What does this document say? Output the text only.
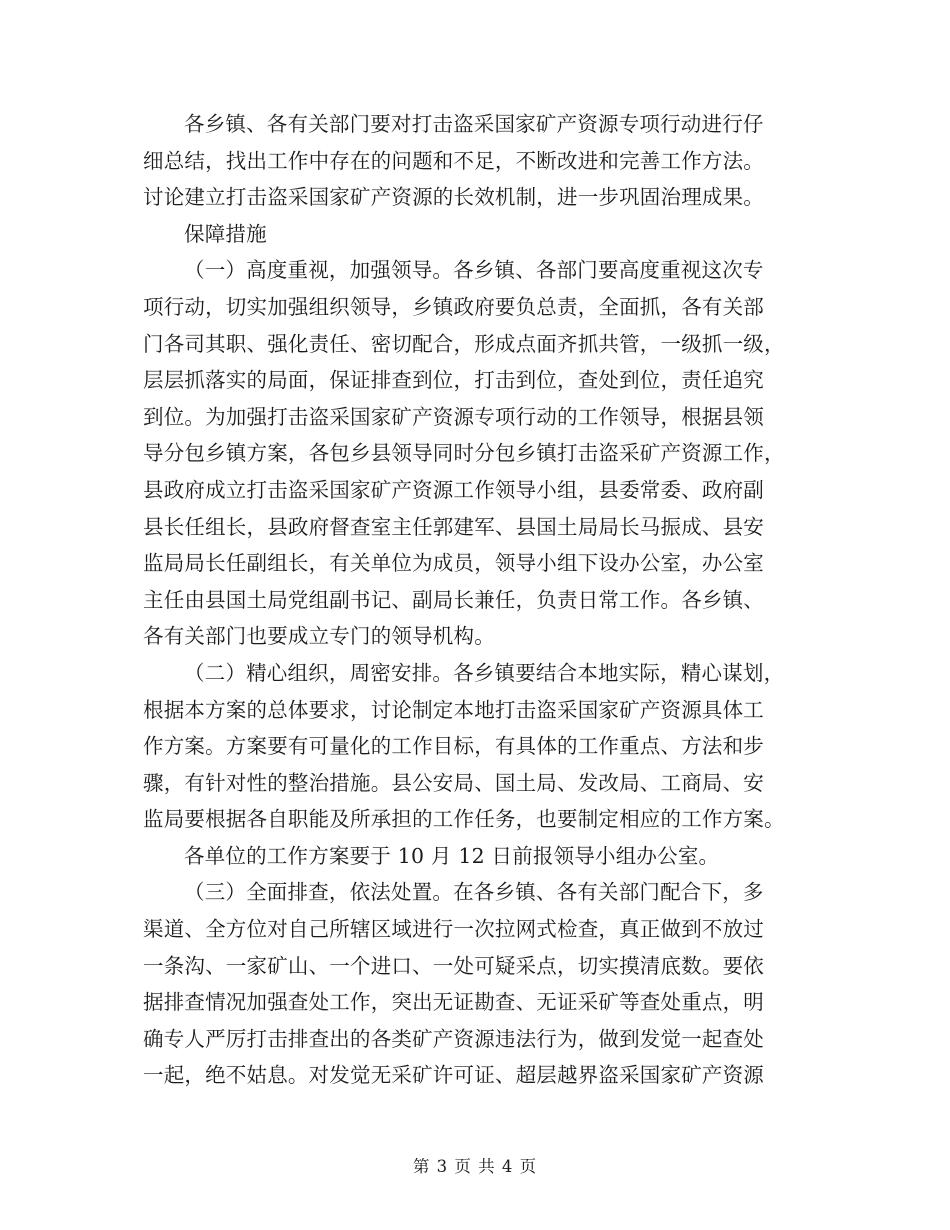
各乡镇、各有关部门要对打击盗采国家矿产资源专项行动进行仔
细总结，找出工作中存在的问题和不足，不断改进和完善工作方法。
讨论建立打击盗采国家矿产资源的长效机制，进一步巩固治理成果。
保障措施
（一）高度重视，加强领导。各乡镇、各部门要高度重视这次专
项行动，切实加强组织领导，乡镇政府要负总责，全面抓，各有关部
门各司其职、强化责任、密切配合，形成点面齐抓共管，一级抓一级，
层层抓落实的局面，保证排查到位，打击到位，查处到位，责任追究
到位。为加强打击盗采国家矿产资源专项行动的工作领导，根据县领
导分包乡镇方案，各包乡县领导同时分包乡镇打击盗采矿产资源工作，
县政府成立打击盗采国家矿产资源工作领导小组，县委常委、政府副
县长任组长，县政府督查室主任郭建军、县国土局局长马振成、县安
监局局长任副组长，有关单位为成员，领导小组下设办公室，办公室
主任由县国土局党组副书记、副局长兼任，负责日常工作。各乡镇、
各有关部门也要成立专门的领导机构。
（二）精心组织，周密安排。各乡镇要结合本地实际，精心谋划，
根据本方案的总体要求，讨论制定本地打击盗采国家矿产资源具体工
作方案。方案要有可量化的工作目标，有具体的工作重点、方法和步
骤，有针对性的整治措施。县公安局、国土局、发改局、工商局、安
监局要根据各自职能及所承担的工作任务，也要制定相应的工作方案。
各单位的工作方案要于 10 月 12 日前报领导小组办公室。
（三）全面排查，依法处置。在各乡镇、各有关部门配合下，多
渠道、全方位对自己所辖区域进行一次拉网式检查，真正做到不放过
一条沟、一家矿山、一个进口、一处可疑采点，切实摸清底数。要依
据排查情况加强查处工作，突出无证勘查、无证采矿等查处重点，明
确专人严厉打击排查出的各类矿产资源违法行为，做到发觉一起查处
一起，绝不姑息。对发觉无采矿许可证、超层越界盗采国家矿产资源
第 3 页 共 4 页
